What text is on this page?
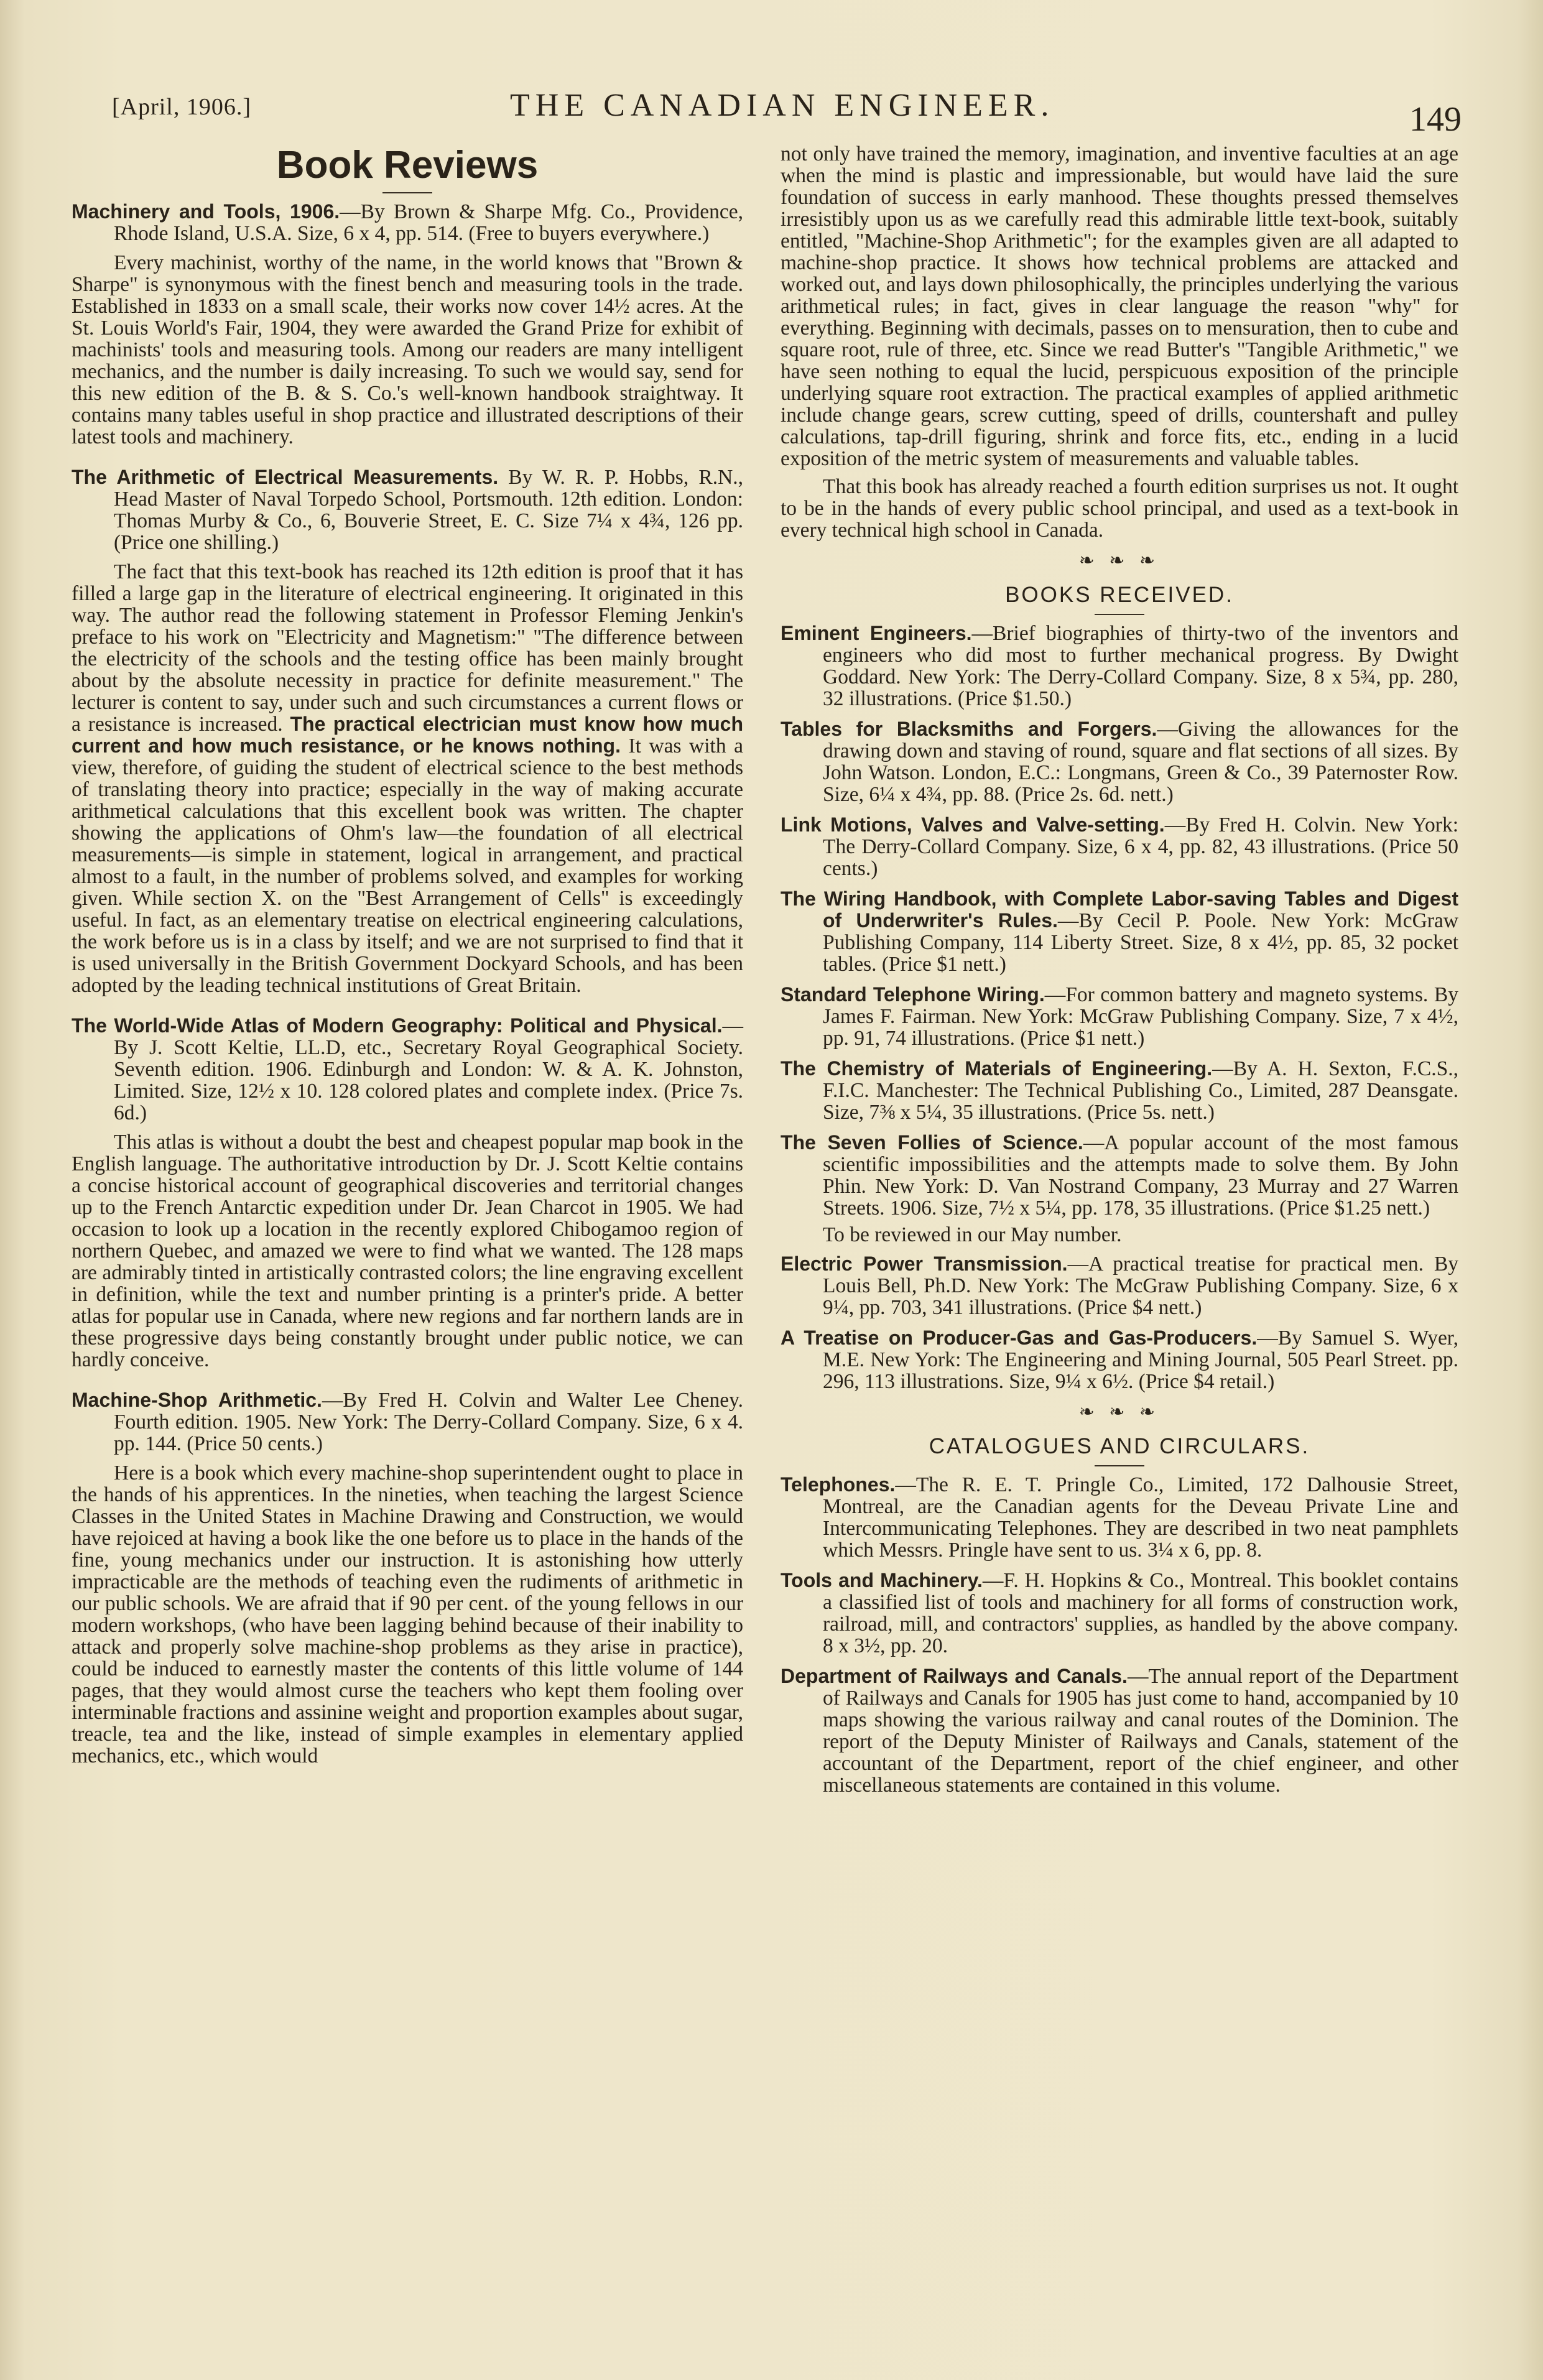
[April, 1906.]	THE CANADIAN ENGINEER.	149
Book Reviews

Machinery and Tools, 1906.—By Brown & Sharpe Mfg. Co., Providence, Rhode Island, U.S.A. Size, 6 x 4, pp. 514. (Free to buyers everywhere.)

Every machinist, worthy of the name, in the world knows that "Brown & Sharpe" is synonymous with the finest bench and measuring tools in the trade. Established in 1833 on a small scale, their works now cover 14½ acres. At the St. Louis World's Fair, 1904, they were awarded the Grand Prize for exhibit of machinists' tools and measuring tools. Among our readers are many intelligent mechanics, and the number is daily increasing. To such we would say, send for this new edition of the B. & S. Co.'s well-known handbook straightway. It contains many tables useful in shop practice and illustrated descriptions of their latest tools and machinery.

The Arithmetic of Electrical Measurements. By W. R. P. Hobbs, R.N., Head Master of Naval Torpedo School, Portsmouth. 12th edition. London: Thomas Murby & Co., 6, Bouverie Street, E. C. Size 7¼ x 4¾, 126 pp. (Price one shilling.)

The fact that this text-book has reached its 12th edition is proof that it has filled a large gap in the literature of electrical engineering. It originated in this way. The author read the following statement in Professor Fleming Jenkin's preface to his work on "Electricity and Magnetism:" "The difference between the electricity of the schools and the testing office has been mainly brought about by the absolute necessity in practice for definite measurement." The lecturer is content to say, under such and such circumstances a current flows or a resistance is increased. The practical electrician must know how much current and how much resistance, or he knows nothing. It was with a view, therefore, of guiding the student of electrical science to the best methods of translating theory into practice; especially in the way of making accurate arithmetical calculations that this excellent book was written. The chapter showing the applications of Ohm's law—the foundation of all electrical measurements—is simple in statement, logical in arrangement, and practical almost to a fault, in the number of problems solved, and examples for working given. While section X. on the "Best Arrangement of Cells" is exceedingly useful. In fact, as an elementary treatise on electrical engineering calculations, the work before us is in a class by itself; and we are not surprised to find that it is used universally in the British Government Dockyard Schools, and has been adopted by the leading technical institutions of Great Britain.

The World-Wide Atlas of Modern Geography: Political and Physical.—By J. Scott Keltie, LL.D, etc., Secretary Royal Geographical Society. Seventh edition. 1906. Edinburgh and London: W. & A. K. Johnston, Limited. Size, 12½ x 10. 128 colored plates and complete index. (Price 7s. 6d.)

This atlas is without a doubt the best and cheapest popular map book in the English language. The authoritative introduction by Dr. J. Scott Keltie contains a concise historical account of geographical discoveries and territorial changes up to the French Antarctic expedition under Dr. Jean Charcot in 1905. We had occasion to look up a location in the recently explored Chibogamoo region of northern Quebec, and amazed we were to find what we wanted. The 128 maps are admirably tinted in artistically contrasted colors; the line engraving excellent in definition, while the text and number printing is a printer's pride. A better atlas for popular use in Canada, where new regions and far northern lands are in these progressive days being constantly brought under public notice, we can hardly conceive.

Machine-Shop Arithmetic.—By Fred H. Colvin and Walter Lee Cheney. Fourth edition. 1905. New York: The Derry-Collard Company. Size, 6 x 4. pp. 144. (Price 50 cents.)

Here is a book which every machine-shop superintendent ought to place in the hands of his apprentices. In the nineties, when teaching the largest Science Classes in the United States in Machine Drawing and Construction, we would have rejoiced at having a book like the one before us to place in the hands of the fine, young mechanics under our instruction. It is astonishing how utterly impracticable are the methods of teaching even the rudiments of arithmetic in our public schools. We are afraid that if 90 per cent. of the young fellows in our modern workshops, (who have been lagging behind because of their inability to attack and properly solve machine-shop problems as they arise in practice), could be induced to earnestly master the contents of this little volume of 144 pages, that they would almost curse the teachers who kept them fooling over interminable fractions and assinine weight and proportion examples about sugar, treacle, tea and the like, instead of simple examples in elementary applied mechanics, etc., which would

not only have trained the memory, imagination, and inventive faculties at an age when the mind is plastic and impressionable, but would have laid the sure foundation of success in early manhood. These thoughts pressed themselves irresistibly upon us as we carefully read this admirable little text-book, suitably entitled, "Machine-Shop Arithmetic"; for the examples given are all adapted to machine-shop practice. It shows how technical problems are attacked and worked out, and lays down philosophically, the principles underlying the various arithmetical rules; in fact, gives in clear language the reason "why" for everything. Beginning with decimals, passes on to mensuration, then to cube and square root, rule of three, etc. Since we read Butter's "Tangible Arithmetic," we have seen nothing to equal the lucid, perspicuous exposition of the principle underlying square root extraction. The practical examples of applied arithmetic include change gears, screw cutting, speed of drills, countershaft and pulley calculations, tap-drill figuring, shrink and force fits, etc., ending in a lucid exposition of the metric system of measurements and valuable tables.

That this book has already reached a fourth edition surprises us not. It ought to be in the hands of every public school principal, and used as a text-book in every technical high school in Canada.

❧ ❧ ❧
BOOKS RECEIVED.

Eminent Engineers.—Brief biographies of thirty-two of the inventors and engineers who did most to further mechanical progress. By Dwight Goddard. New York: The Derry-Collard Company. Size, 8 x 5¾, pp. 280, 32 illustrations. (Price $1.50.)

Tables for Blacksmiths and Forgers.—Giving the allowances for the drawing down and staving of round, square and flat sections of all sizes. By John Watson. London, E.C.: Longmans, Green & Co., 39 Paternoster Row. Size, 6¼ x 4¾, pp. 88. (Price 2s. 6d. nett.)

Link Motions, Valves and Valve-setting.—By Fred H. Colvin. New York: The Derry-Collard Company. Size, 6 x 4, pp. 82, 43 illustrations. (Price 50 cents.)

The Wiring Handbook, with Complete Labor-saving Tables and Digest of Underwriter's Rules.—By Cecil P. Poole. New York: McGraw Publishing Company, 114 Liberty Street. Size, 8 x 4½, pp. 85, 32 pocket tables. (Price $1 nett.)

Standard Telephone Wiring.—For common battery and magneto systems. By James F. Fairman. New York: McGraw Publishing Company. Size, 7 x 4½, pp. 91, 74 illustrations. (Price $1 nett.)

The Chemistry of Materials of Engineering.—By A. H. Sexton, F.C.S., F.I.C. Manchester: The Technical Publishing Co., Limited, 287 Deansgate. Size, 7⅜ x 5¼, 35 illustrations. (Price 5s. nett.)

The Seven Follies of Science.—A popular account of the most famous scientific impossibilities and the attempts made to solve them. By John Phin. New York: D. Van Nostrand Company, 23 Murray and 27 Warren Streets. 1906. Size, 7½ x 5¼, pp. 178, 35 illustrations. (Price $1.25 nett.)

To be reviewed in our May number.

Electric Power Transmission.—A practical treatise for practical men. By Louis Bell, Ph.D. New York: The McGraw Publishing Company. Size, 6 x 9¼, pp. 703, 341 illustrations. (Price $4 nett.)

A Treatise on Producer-Gas and Gas-Producers.—By Samuel S. Wyer, M.E. New York: The Engineering and Mining Journal, 505 Pearl Street. pp. 296, 113 illustrations. Size, 9¼ x 6½. (Price $4 retail.)

❧ ❧ ❧
CATALOGUES AND CIRCULARS.

Telephones.—The R. E. T. Pringle Co., Limited, 172 Dalhousie Street, Montreal, are the Canadian agents for the Deveau Private Line and Intercommunicating Telephones. They are described in two neat pamphlets which Messrs. Pringle have sent to us. 3¼ x 6, pp. 8.

Tools and Machinery.—F. H. Hopkins & Co., Montreal. This booklet contains a classified list of tools and machinery for all forms of construction work, railroad, mill, and contractors' supplies, as handled by the above company. 8 x 3½, pp. 20.

Department of Railways and Canals.—The annual report of the Department of Railways and Canals for 1905 has just come to hand, accompanied by 10 maps showing the various railway and canal routes of the Dominion. The report of the Deputy Minister of Railways and Canals, statement of the accountant of the Department, report of the chief engineer, and other miscellaneous statements are contained in this volume.
